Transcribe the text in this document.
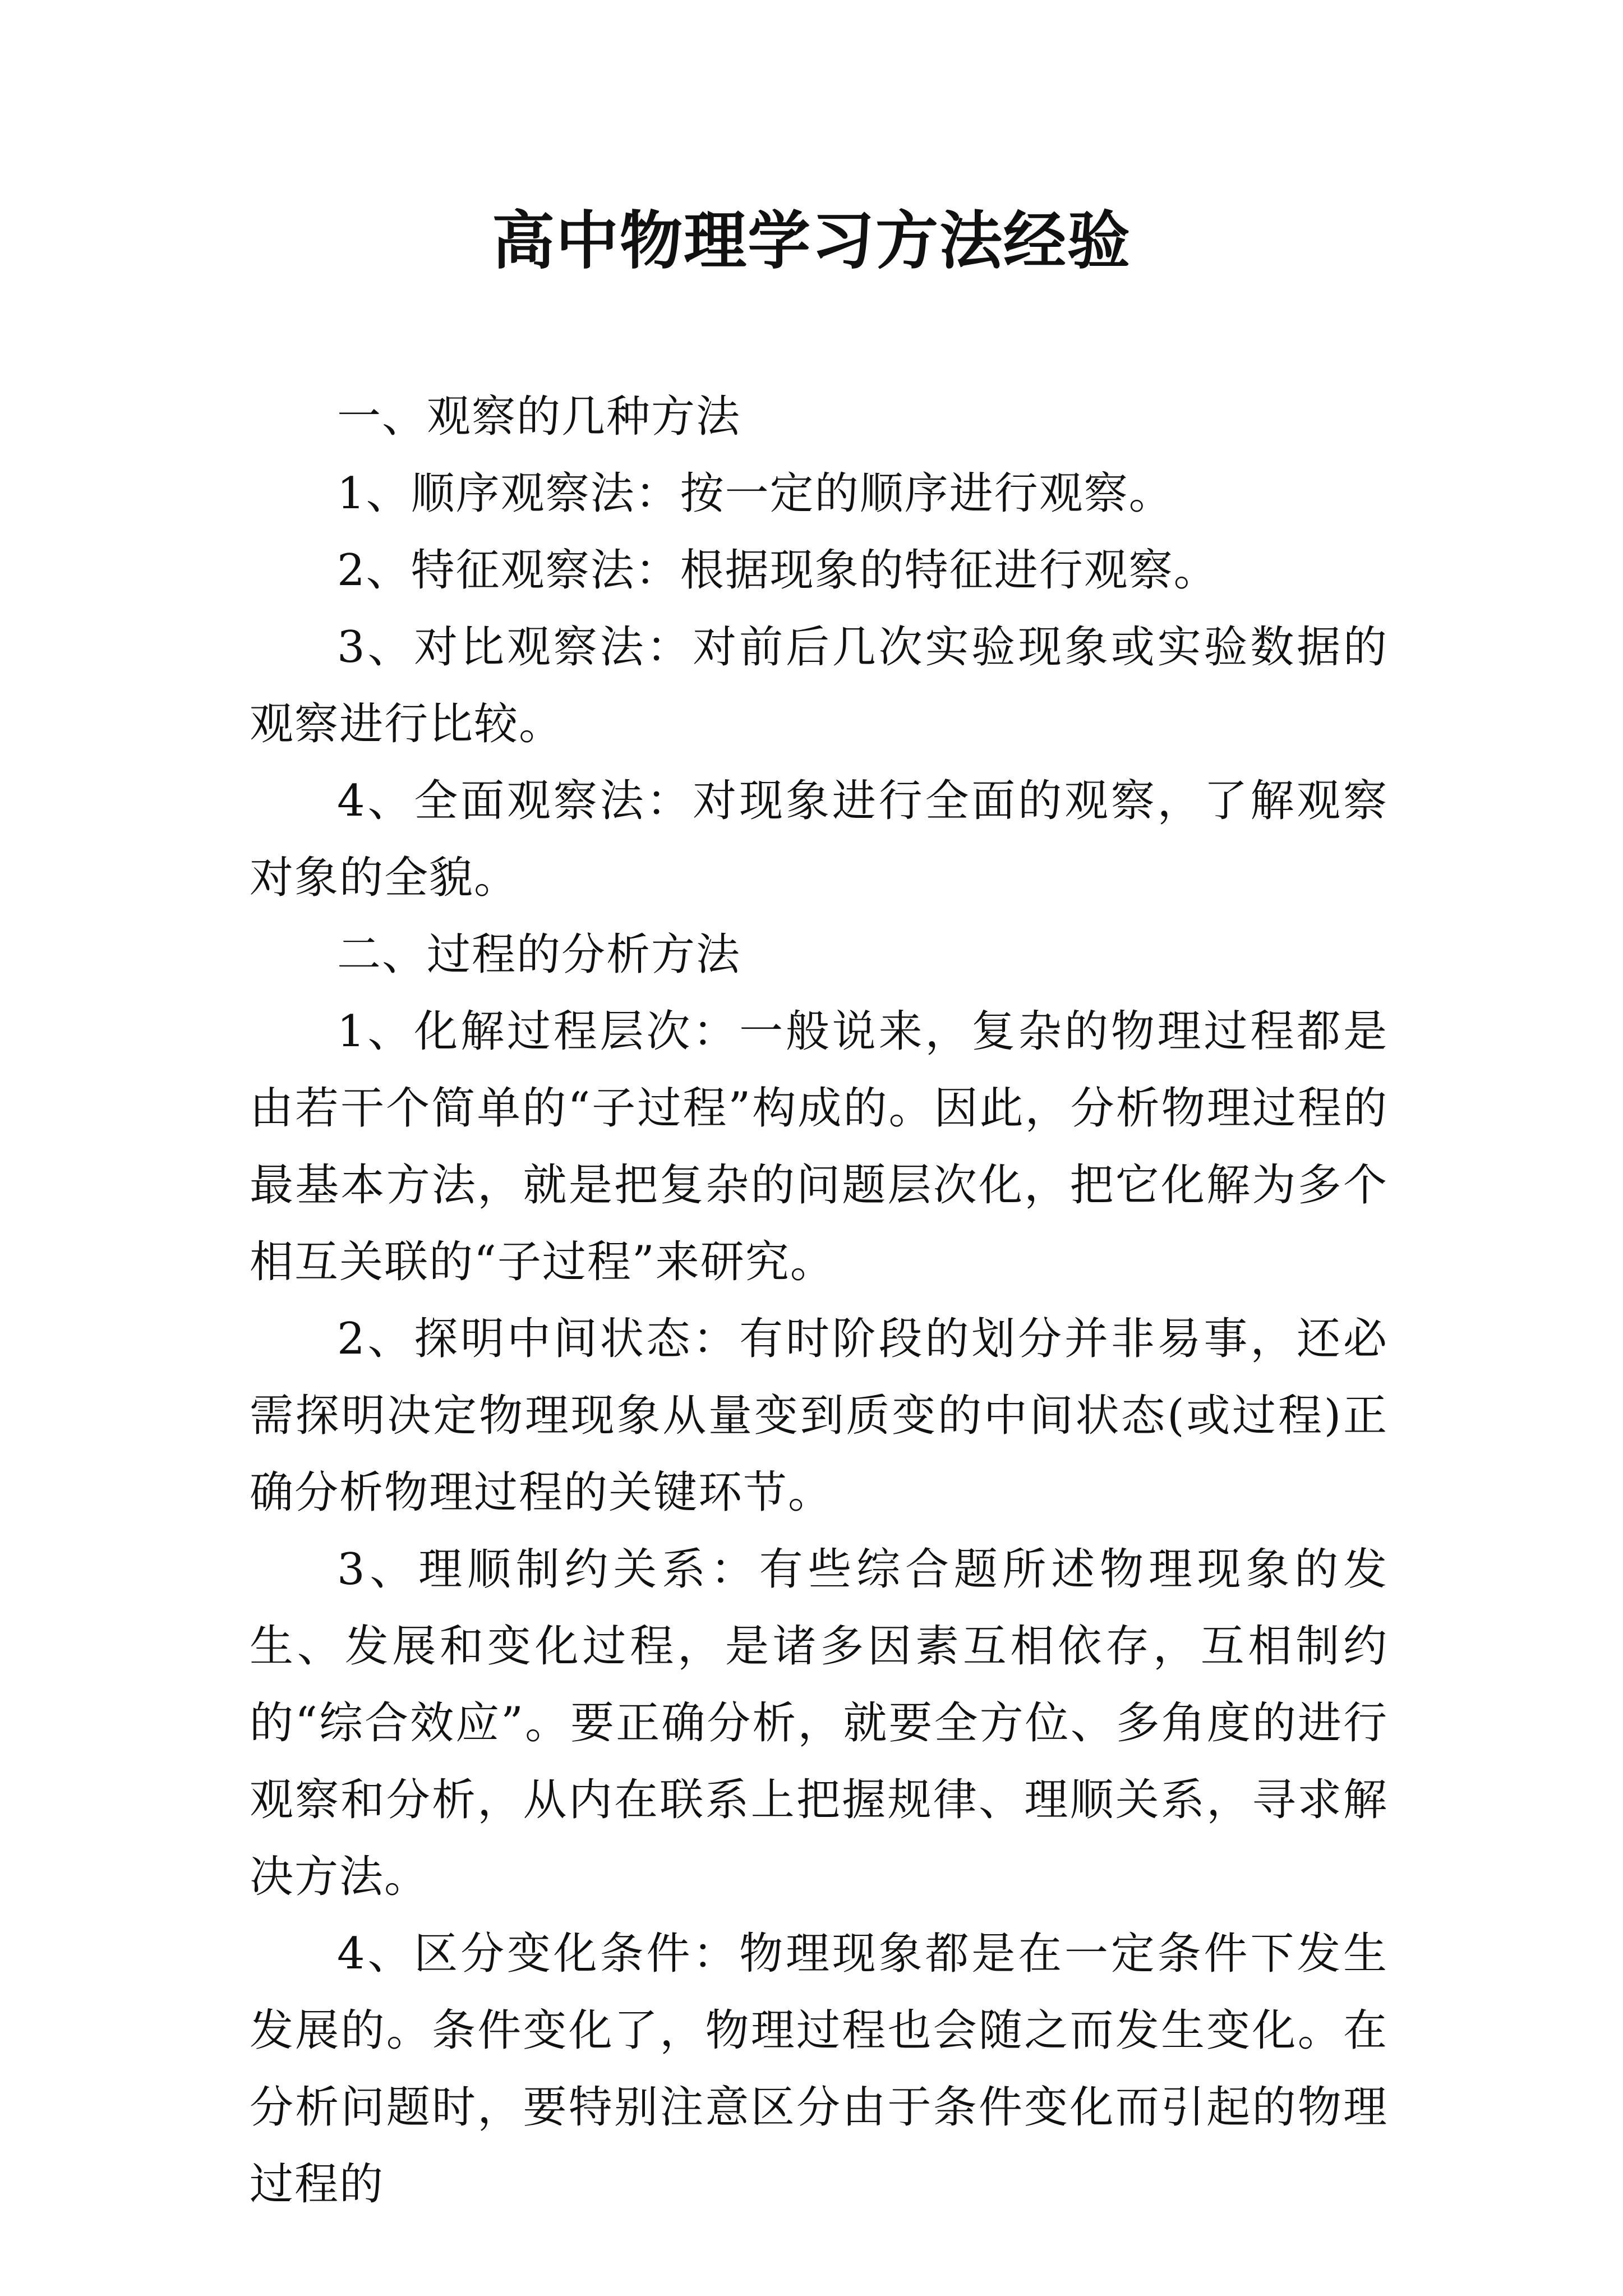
高中物理学习方法经验

一、观察的几种方法

1、顺序观察法：按一定的顺序进行观察。

2、特征观察法：根据现象的特征进行观察。

3、对比观察法：对前后几次实验现象或实验数据的观察进行比较。

4、全面观察法：对现象进行全面的观察，了解观察对象的全貌。

二、过程的分析方法

1、化解过程层次：一般说来，复杂的物理过程都是由若干个简单的“子过程”构成的。因此，分析物理过程的最基本方法，就是把复杂的问题层次化，把它化解为多个相互关联的“子过程”来研究。

2、探明中间状态：有时阶段的划分并非易事，还必需探明决定物理现象从量变到质变的中间状态(或过程)正确分析物理过程的关键环节。

3、理顺制约关系：有些综合题所述物理现象的发生、发展和变化过程，是诸多因素互相依存，互相制约的“综合效应”。要正确分析，就要全方位、多角度的进行观察和分析，从内在联系上把握规律、理顺关系，寻求解决方法。

4、区分变化条件：物理现象都是在一定条件下发生发展的。条件变化了，物理过程也会随之而发生变化。在分析问题时，要特别注意区分由于条件变化而引起的物理过程的
